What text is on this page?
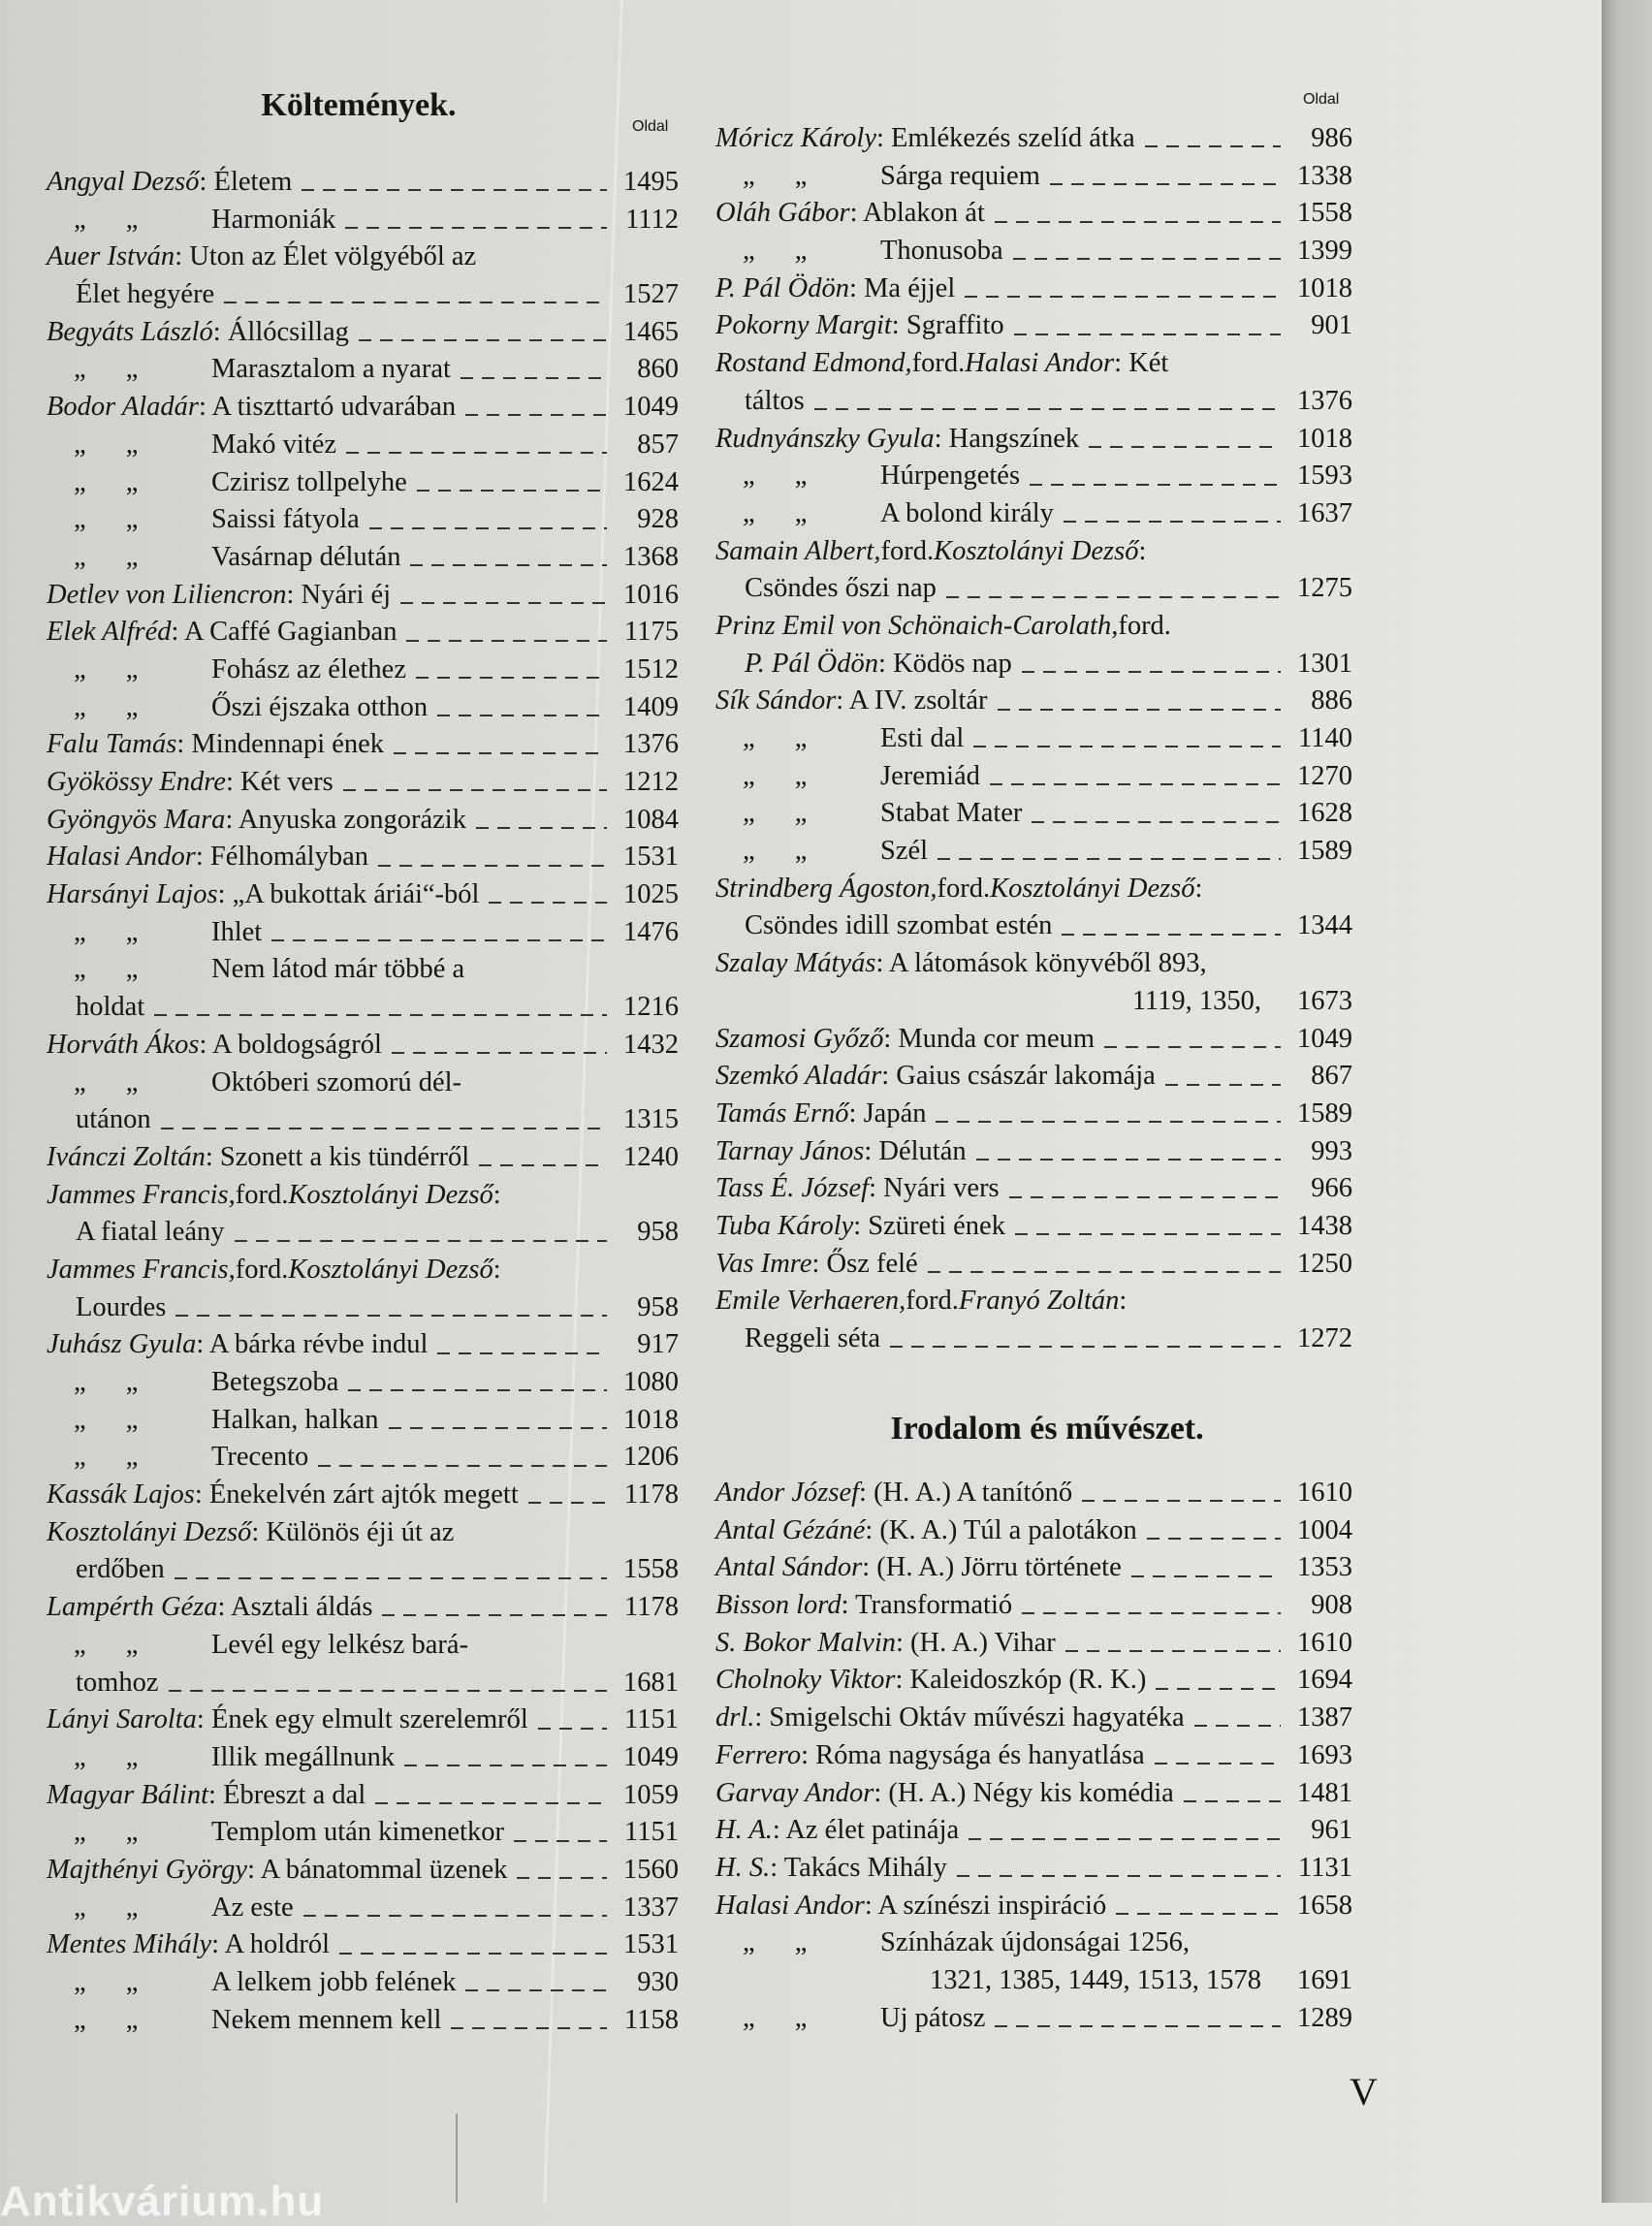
Költemények.
Oldal
Oldal
Angyal Dezső : Életem	1495
„ „	Harmoniák	1112
Auer István : Uton az Élet völgyéből az
Élet hegyére	1527
Begyáts László : Állócsillag	1465
„ „	Marasztalom a nyarat	860
Bodor Aladár : A tiszttartó udvarában	1049
„ „	Makó vitéz	857
„ „	Czirisz tollpelyhe	1624
„ „	Saissi fátyola	928
„ „	Vasárnap délután	1368
Detlev von Liliencron : Nyári éj	1016
Elek Alfréd : A Caffé Gagianban	1175
„ „	Fohász az élethez	1512
„ „	Őszi éjszaka otthon	1409
Falu Tamás : Mindennapi ének	1376
Gyökössy Endre : Két vers	1212
Gyöngyös Mara : Anyuska zongorázik	1084
Halasi Andor : Félhomályban	1531
Harsányi Lajos : „A bukottak áriái“-ból	1025
„ „	Ihlet	1476
„ „	Nem látod már többé a
holdat	1216
Horváth Ákos : A boldogságról	1432
„ „	Októberi szomorú dél-
utánon	1315
Ivánczi Zoltán : Szonett a kis tündérről	1240
Jammes Francis, ford. Kosztolányi Dezső :
A fiatal leány	958
Jammes Francis, ford. Kosztolányi Dezső :
Lourdes	958
Juhász Gyula : A bárka révbe indul	917
„ „	Betegszoba	1080
„ „	Halkan, halkan	1018
„ „	Trecento	1206
Kassák Lajos : Énekelvén zárt ajtók megett	1178
Kosztolányi Dezső : Különös éji út az
erdőben	1558
Lampérth Géza : Asztali áldás	1178
„ „	Levél egy lelkész bará-
tomhoz	1681
Lányi Sarolta : Ének egy elmult szerelemről	1151
„ „	Illik megállnunk	1049
Magyar Bálint : Ébreszt a dal	1059
„ „	Templom után kimenetkor	1151
Majthényi György : A bánatommal üzenek	1560
„ „	Az este	1337
Mentes Mihály : A holdról	1531
„ „	A lelkem jobb felének	930
„ „	Nekem mennem kell	1158
Móricz Károly : Emlékezés szelíd átka	986
„ „	Sárga requiem	1338
Oláh Gábor : Ablakon át	1558
„ „	Thonusoba	1399
P. Pál Ödön : Ma éjjel	1018
Pokorny Margit : Sgraffito	901
Rostand Edmond, ford. Halasi Andor : Két
táltos	1376
Rudnyánszky Gyula : Hangszínek	1018
„ „	Húrpengetés	1593
„ „	A bolond király	1637
Samain Albert, ford. Kosztolányi Dezső :
Csöndes őszi nap	1275
Prinz Emil von Schönaich-Carolath, ford.
P. Pál Ödön : Ködös nap	1301
Sík Sándor : A IV. zsoltár	886
„ „	Esti dal	1140
„ „	Jeremiád	1270
„ „	Stabat Mater	1628
„ „	Szél	1589
Strindberg Ágoston, ford. Kosztolányi Dezső :
Csöndes idill szombat estén	1344
Szalay Mátyás : A látomások könyvéből 893,
1119, 1350, 1673
Szamosi Győző : Munda cor meum	1049
Szemkó Aladár : Gaius császár lakomája	867
Tamás Ernő : Japán	1589
Tarnay János : Délután	993
Tass É. József : Nyári vers	966
Tuba Károly : Szüreti ének	1438
Vas Imre : Ősz felé	1250
Emile Verhaeren, ford. Franyó Zoltán :
Reggeli séta	1272
Irodalom és művészet.
Andor József : (H. A.) A tanítónő	1610
Antal Gézáné : (K. A.) Túl a palotákon	1004
Antal Sándor : (H. A.) Jörru története	1353
Bisson lord : Transformatió	908
S. Bokor Malvin : (H. A.) Vihar	1610
Cholnoky Viktor : Kaleidoszkóp (R. K.)	1694
drl. : Smigelschi Oktáv művészi hagyatéka	1387
Ferrero : Róma nagysága és hanyatlása	1693
Garvay Andor : (H. A.) Négy kis komédia	1481
H. A. : Az élet patinája	961
H. S. : Takács Mihály	1131
Halasi Andor : A színészi inspiráció	1658
„ „	Színházak újdonságai 1256,
1321, 1385, 1449, 1513, 1578 1691
„ „	Uj pátosz	1289
V
Antikvárium.hu
